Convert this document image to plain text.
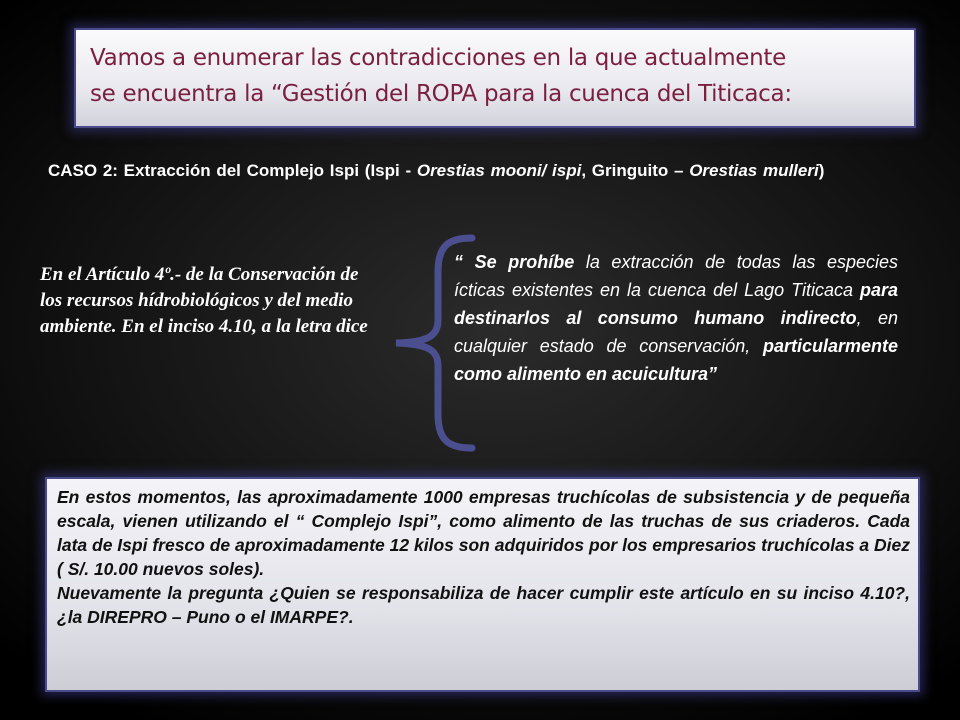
Vamos a enumerar las contradicciones en la que actualmente
se encuentra la “Gestión del ROPA para la cuenca del Titicaca:
CASO 2: Extracción del Complejo Ispi (Ispi - Orestias mooni/ ispi, Gringuito – Orestias mulleri)
En el Artículo 4º.- de la Conservación de los recursos hídrobiológicos y del medio ambiente. En el inciso 4.10, a la letra dice
“ Se prohíbe la extracción de todas las especies ícticas existentes en la cuenca del Lago Titicaca para destinarlos al consumo humano indirecto, en cualquier estado de conservación, particularmente como alimento en acuicultura”

En estos momentos, las aproximadamente 1000 empresas truchícolas de subsistencia y de pequeña escala, vienen utilizando el “ Complejo Ispi”, como alimento de las truchas de sus criaderos. Cada lata de Ispi fresco de aproximadamente 12 kilos son adquiridos por los empresarios truchícolas a Diez ( S/. 10.00 nuevos soles).

Nuevamente la pregunta ¿Quien se responsabiliza de hacer cumplir este artículo en su inciso 4.10?, ¿la DIREPRO – Puno o el IMARPE?.
